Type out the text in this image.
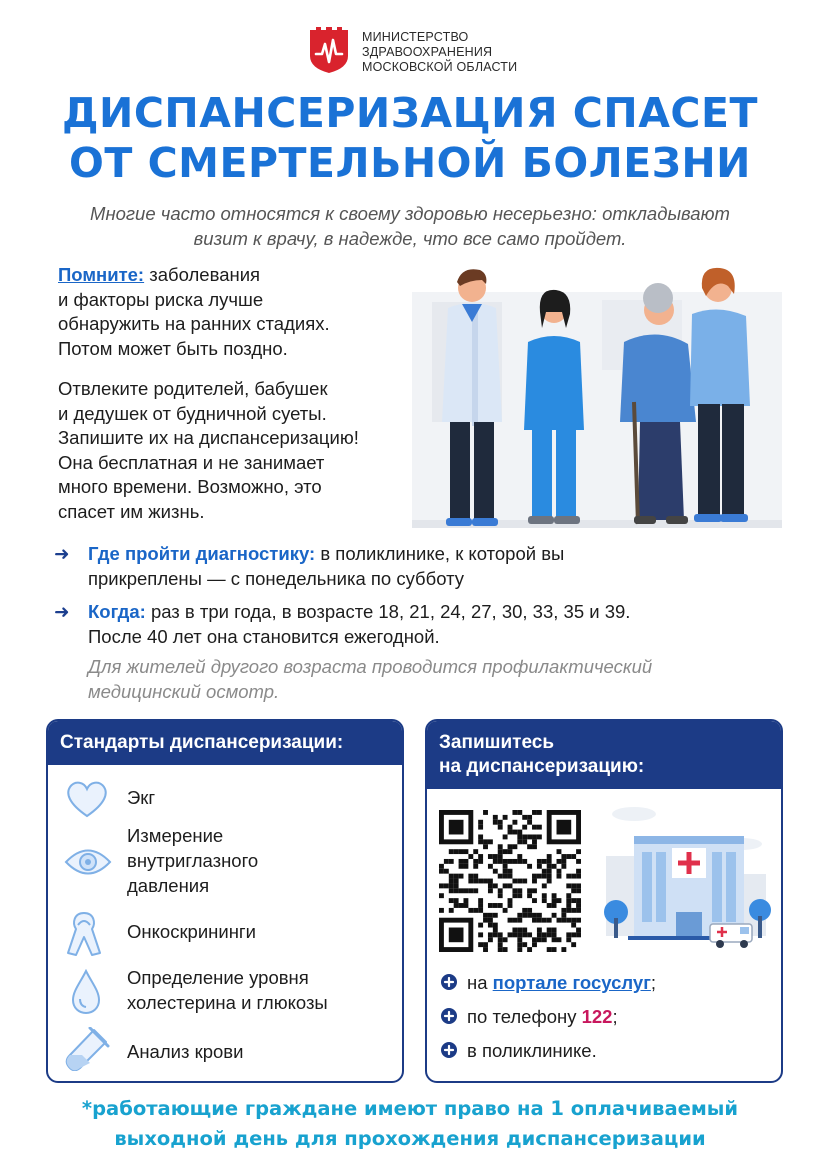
МИНИСТЕРСТВО
ЗДРАВООХРАНЕНИЯ
МОСКОВСКОЙ ОБЛАСТИ
ДИСПАНСЕРИЗАЦИЯ СПАСЕТ
ОТ СМЕРТЕЛЬНОЙ БОЛЕЗНИ
Многие часто относятся к своему здоровью несерьезно: откладывают
визит к врачу, в надежде, что все само пройдет.
Помните: заболевания
и факторы риска лучше
обнаружить на ранних стадиях.
Потом может быть поздно.
Отвлеките родителей, бабушек
и дедушек от будничной суеты.
Запишите их на диспансеризацию!
Она бесплатная и не занимает
много времени. Возможно, это
спасет им жизнь.
➜ Где пройти диагностику: в поликлинике, к которой вы
прикреплены — с понедельника по субботу
➜ Когда: раз в три года, в возрасте 18, 21, 24, 27, 30, 33, 35 и 39.
После 40 лет она становится ежегодной.
Для жителей другого возраста проводится профилактический
медицинский осмотр.
Стандарты диспансеризации:
Экг
Измерение
внутриглазного
давления
Онкоскрининги
Определение уровня
холестерина и глюкозы
Анализ крови
Запишитесь
на диспансеризацию:
на портале госуслуг;
по телефону 122;
в поликлинике.
*работающие граждане имеют право на 1 оплачиваемый
выходной день для прохождения диспансеризации
